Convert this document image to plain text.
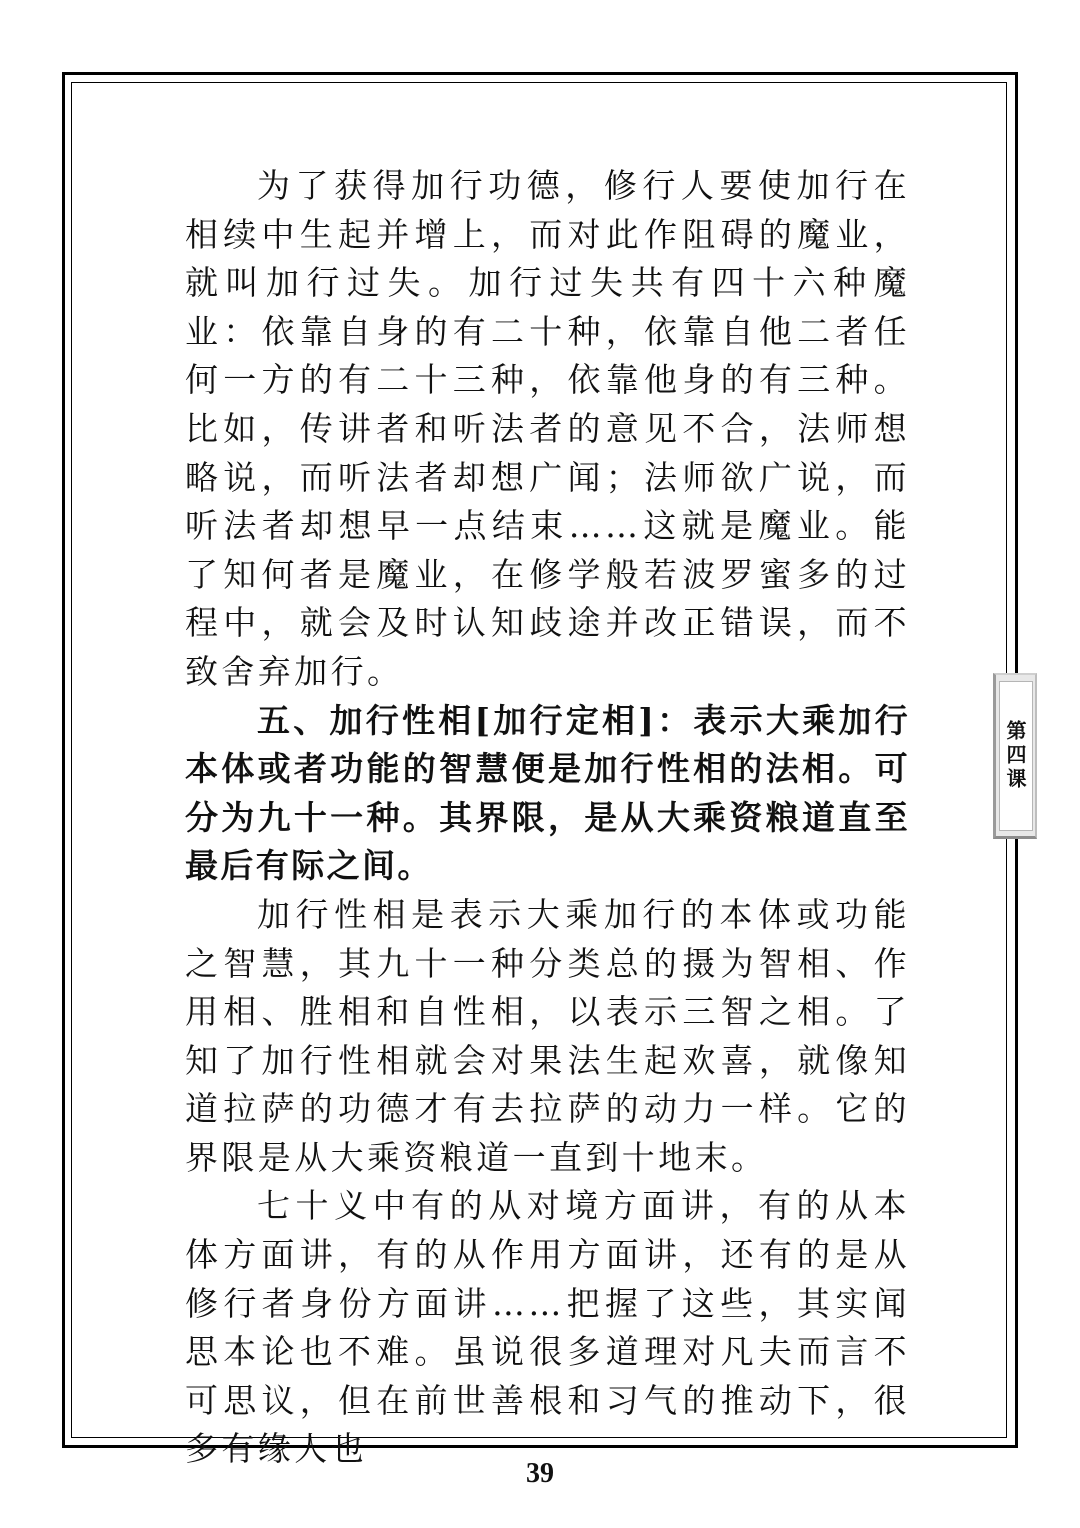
为了获得加行功德，修行人要使加行在相续中生起并增上，而对此作阻碍的魔业，就叫加行过失。加行过失共有四十六种魔业：依靠自身的有二十种，依靠自他二者任何一方的有二十三种，依靠他身的有三种。比如，传讲者和听法者的意见不合，法师想略说，而听法者却想广闻；法师欲广说，而听法者却想早一点结束……这就是魔业。能了知何者是魔业，在修学般若波罗蜜多的过程中，就会及时认知歧途并改正错误，而不致舍弃加行。

五、加行性相[加行定相]：表示大乘加行本体或者功能的智慧便是加行性相的法相。可分为九十一种。其界限，是从大乘资粮道直至最后有际之间。

加行性相是表示大乘加行的本体或功能之智慧，其九十一种分类总的摄为智相、作用相、胜相和自性相，以表示三智之相。了知了加行性相就会对果法生起欢喜，就像知道拉萨的功德才有去拉萨的动力一样。它的界限是从大乘资粮道一直到十地末。

七十义中有的从对境方面讲，有的从本体方面讲，有的从作用方面讲，还有的是从修行者身份方面讲……把握了这些，其实闻思本论也不难。虽说很多道理对凡夫而言不可思议，但在前世善根和习气的推动下，很多有缘人也

第四课
39
